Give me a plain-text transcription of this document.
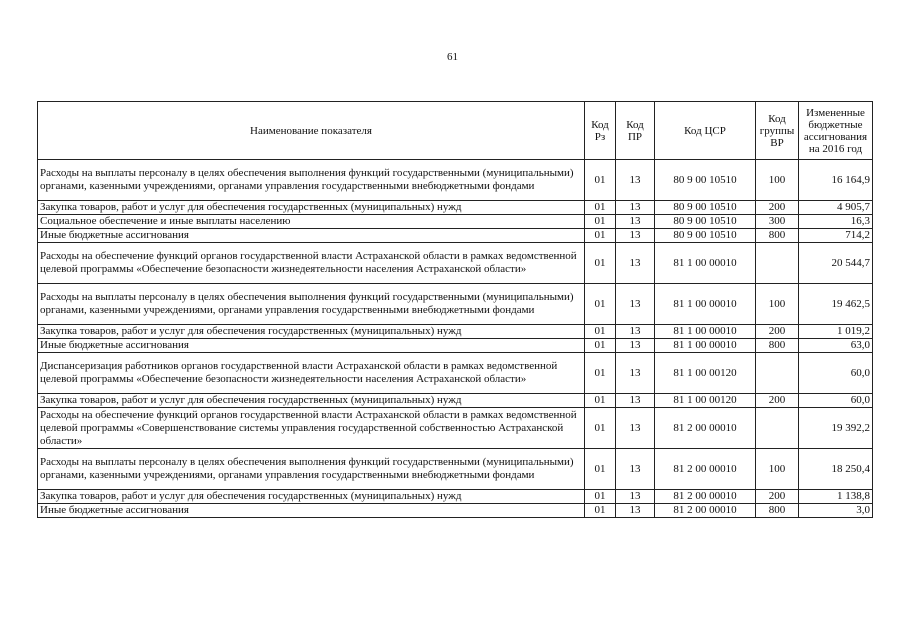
61
Наименование показателя	Код Рз	Код ПР	Код ЦСР	Код группы ВР	Измененные бюджетные ассигнования на 2016 год
Расходы на выплаты персоналу в целях обеспечения выполнения функций государственными (муниципальными) органами, казенными учреждениями, органами управления государственными внебюджетными фондами	01	13	80 9 00 10510	100	16 164,9
Закупка товаров, работ и услуг для обеспечения государственных (муниципальных) нужд	01	13	80 9 00 10510	200	4 905,7
Социальное обеспечение и иные выплаты населению	01	13	80 9 00 10510	300	16,3
Иные бюджетные ассигнования	01	13	80 9 00 10510	800	714,2
Расходы на обеспечение функций органов государственной власти Астраханской области в рамках ведомственной целевой программы «Обеспечение безопасности жизнедеятельности населения Астраханской области»	01	13	81 1 00 00010		20 544,7
Расходы на выплаты персоналу в целях обеспечения выполнения функций государственными (муниципальными) органами, казенными учреждениями, органами управления государственными внебюджетными фондами	01	13	81 1 00 00010	100	19 462,5
Закупка товаров, работ и услуг для обеспечения государственных (муниципальных) нужд	01	13	81 1 00 00010	200	1 019,2
Иные бюджетные ассигнования	01	13	81 1 00 00010	800	63,0
Диспансеризация работников органов государственной власти Астраханской области в рамках ведомственной целевой программы «Обеспечение безопасности жизнедеятельности населения Астраханской области»	01	13	81 1 00 00120		60,0
Закупка товаров, работ и услуг для обеспечения государственных (муниципальных) нужд	01	13	81 1 00 00120	200	60,0
Расходы на обеспечение функций органов государственной власти Астраханской области в рамках ведомственной целевой программы «Совершенствование системы управления государственной собственностью Астраханской области»	01	13	81 2 00 00010		19 392,2
Расходы на выплаты персоналу в целях обеспечения выполнения функций государственными (муниципальными) органами, казенными учреждениями, органами управления государственными внебюджетными фондами	01	13	81 2 00 00010	100	18 250,4
Закупка товаров, работ и услуг для обеспечения государственных (муниципальных) нужд	01	13	81 2 00 00010	200	1 138,8
Иные бюджетные ассигнования	01	13	81 2 00 00010	800	3,0
